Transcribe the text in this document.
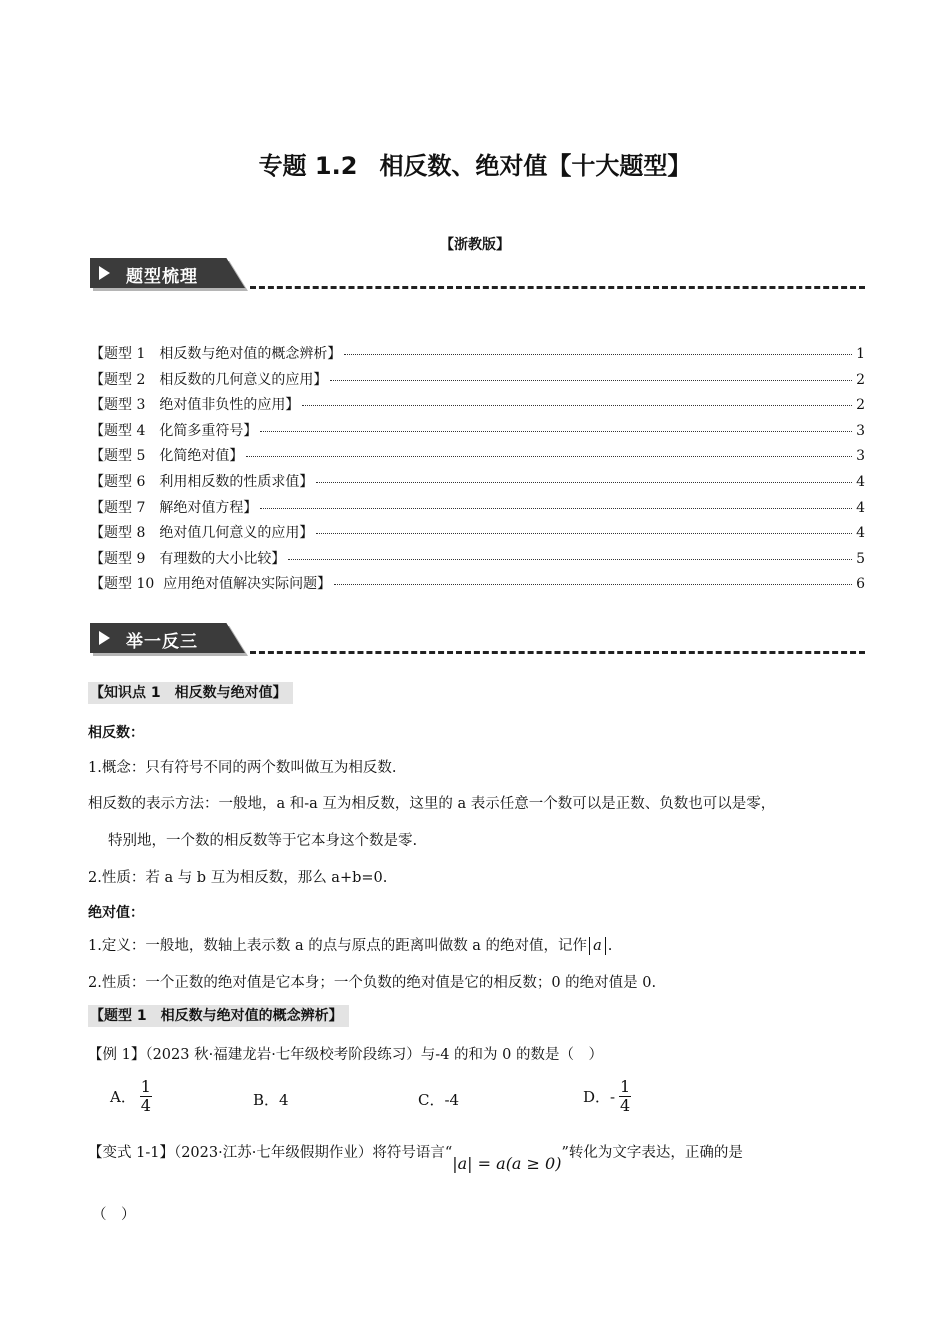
专题 1.2 相反数、绝对值【十大题型】
【浙教版】
题型梳理
【题型 1　相反数与绝对值的概念辨析】	1
【题型 2　相反数的几何意义的应用】	2
【题型 3　绝对值非负性的应用】	2
【题型 4　化简多重符号】	3
【题型 5　化简绝对值】	3
【题型 6　利用相反数的性质求值】	4
【题型 7　解绝对值方程】	4
【题型 8　绝对值几何意义的应用】	4
【题型 9　有理数的大小比较】	5
【题型 10  应用绝对值解决实际问题】	6
举一反三
【知识点 1　相反数与绝对值】
相反数：
1.概念：只有符号不同的两个数叫做互为相反数.
相反数的表示方法：一般地，a 和-a 互为相反数，这里的 a 表示任意一个数可以是正数、负数也可以是零，
特别地，一个数的相反数等于它本身这个数是零.
2.性质：若 a 与 b 互为相反数，那么 a+b=0.
绝对值：
1.定义：一般地，数轴上表示数 a 的点与原点的距离叫做数 a 的绝对值，记作 a .
2.性质：一个正数的绝对值是它本身；一个负数的绝对值是它的相反数；0 的绝对值是 0.
【题型 1　相反数与绝对值的概念辨析】
【例 1】（2023 秋·福建龙岩·七年级校考阶段练习）与-4 的和为 0 的数是（　）
A． $\frac{1}{4}$	B．4	C．-4	D．- $\frac{1}{4}$
【变式 1-1】（2023·江苏·七年级假期作业）将符号语言“|a| = a(a ≥ 0)”转化为文字表达，正确的是
（　）
